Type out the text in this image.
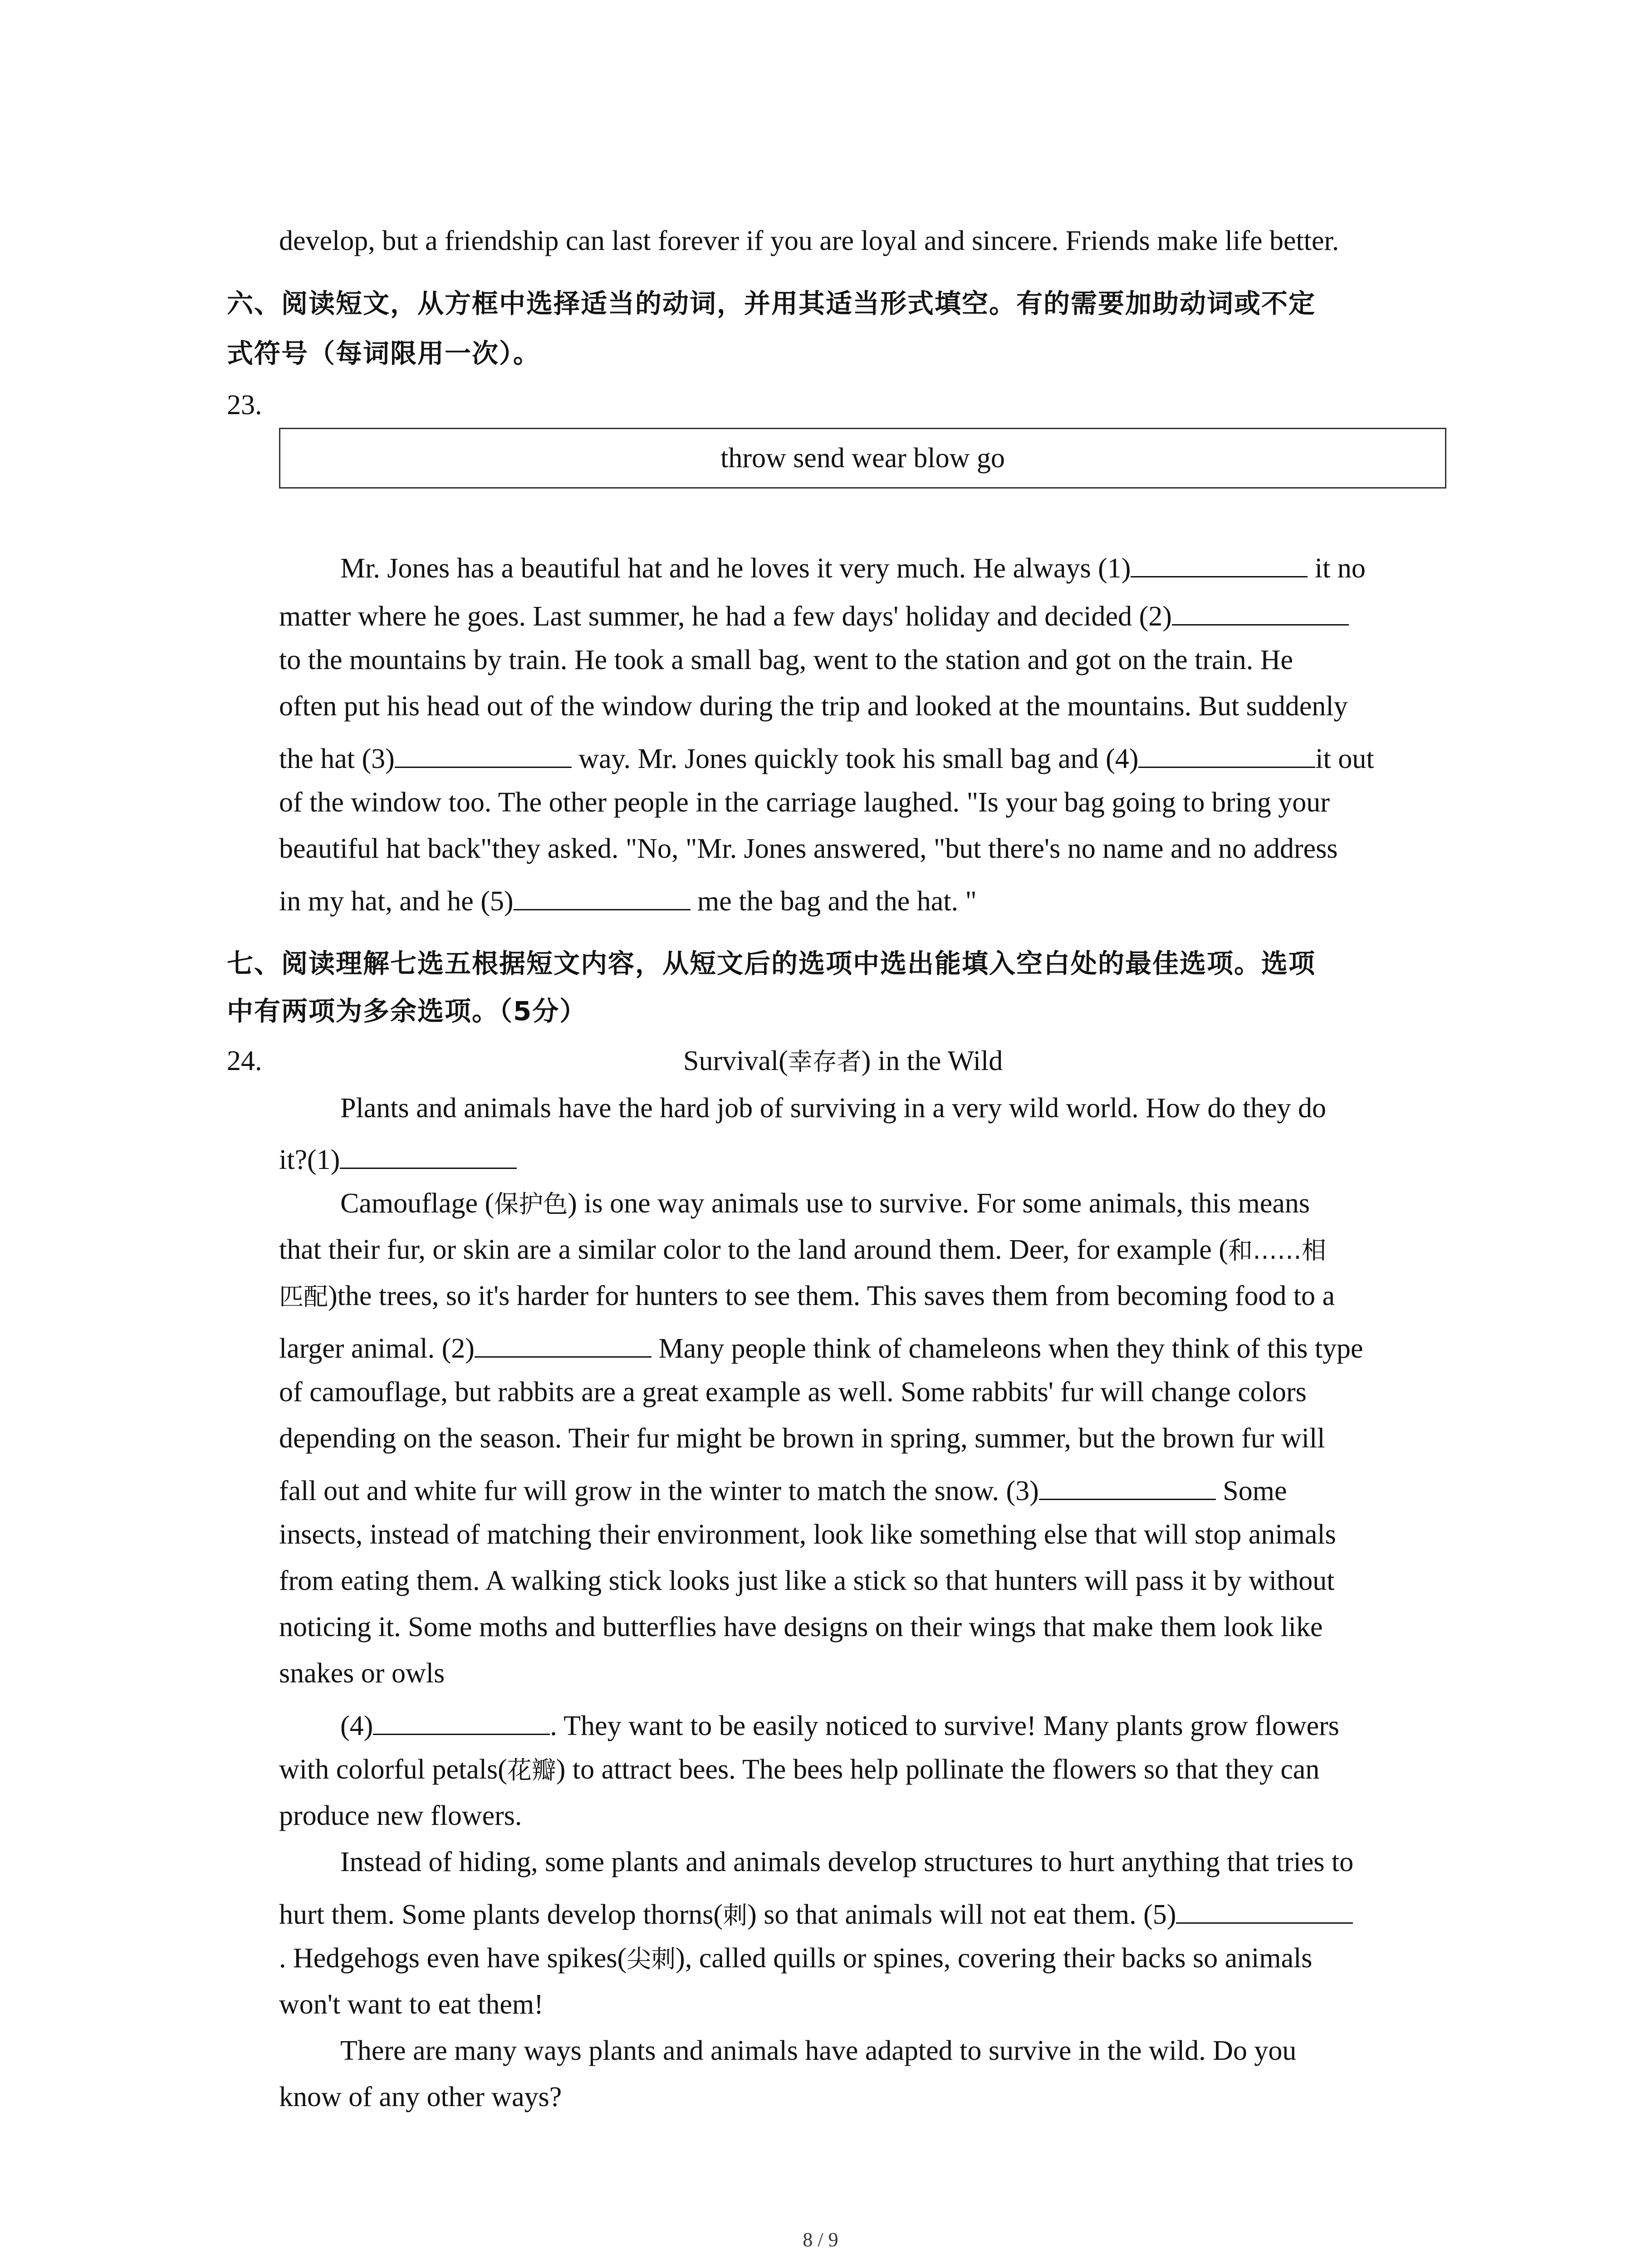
develop, but a friendship can last forever if you are loyal and sincere. Friends make life better.
六、阅读短文，从方框中选择适当的动词，并用其适当形式填空。有的需要加助动词或不定
式符号（每词限用一次）。
23.
throw send wear blow go
Mr. Jones has a beautiful hat and he loves it very much. He always (1)	it no
matter where he goes. Last summer, he had a few days' holiday and decided (2)
to the mountains by train. He took a small bag, went to the station and got on the train. He
often put his head out of the window during the trip and looked at the mountains. But suddenly
the hat (3)	way. Mr. Jones quickly took his small bag and (4)	it out
of the window too. The other people in the carriage laughed. "Is your bag going to bring your
beautiful hat back"they asked. "No, "Mr. Jones answered, "but there's no name and no address
in my hat, and he (5)	me the bag and the hat. "
七、阅读理解七选五根据短文内容，从短文后的选项中选出能填入空白处的最佳选项。选项
中有两项为多余选项。（5分）
24.	Survival(幸存者) in the Wild
Plants and animals have the hard job of surviving in a very wild world. How do they do
it?(1)
Camouflage (保护色) is one way animals use to survive. For some animals, this means
that their fur, or skin are a similar color to the land around them. Deer, for example (和……相
匹配)the trees, so it's harder for hunters to see them. This saves them from becoming food to a
larger animal. (2)	Many people think of chameleons when they think of this type
of camouflage, but rabbits are a great example as well. Some rabbits' fur will change colors
depending on the season. Their fur might be brown in spring, summer, but the brown fur will
fall out and white fur will grow in the winter to match the snow. (3)	Some
insects, instead of matching their environment, look like something else that will stop animals
from eating them. A walking stick looks just like a stick so that hunters will pass it by without
noticing it. Some moths and butterflies have designs on their wings that make them look like
snakes or owls
(4)	. They want to be easily noticed to survive! Many plants grow flowers
with colorful petals(花瓣) to attract bees. The bees help pollinate the flowers so that they can
produce new flowers.
Instead of hiding, some plants and animals develop structures to hurt anything that tries to
hurt them. Some plants develop thorns(刺) so that animals will not eat them. (5)
. Hedgehogs even have spikes(尖刺), called quills or spines, covering their backs so animals
won't want to eat them!
There are many ways plants and animals have adapted to survive in the wild. Do you
know of any other ways?
8 / 9
